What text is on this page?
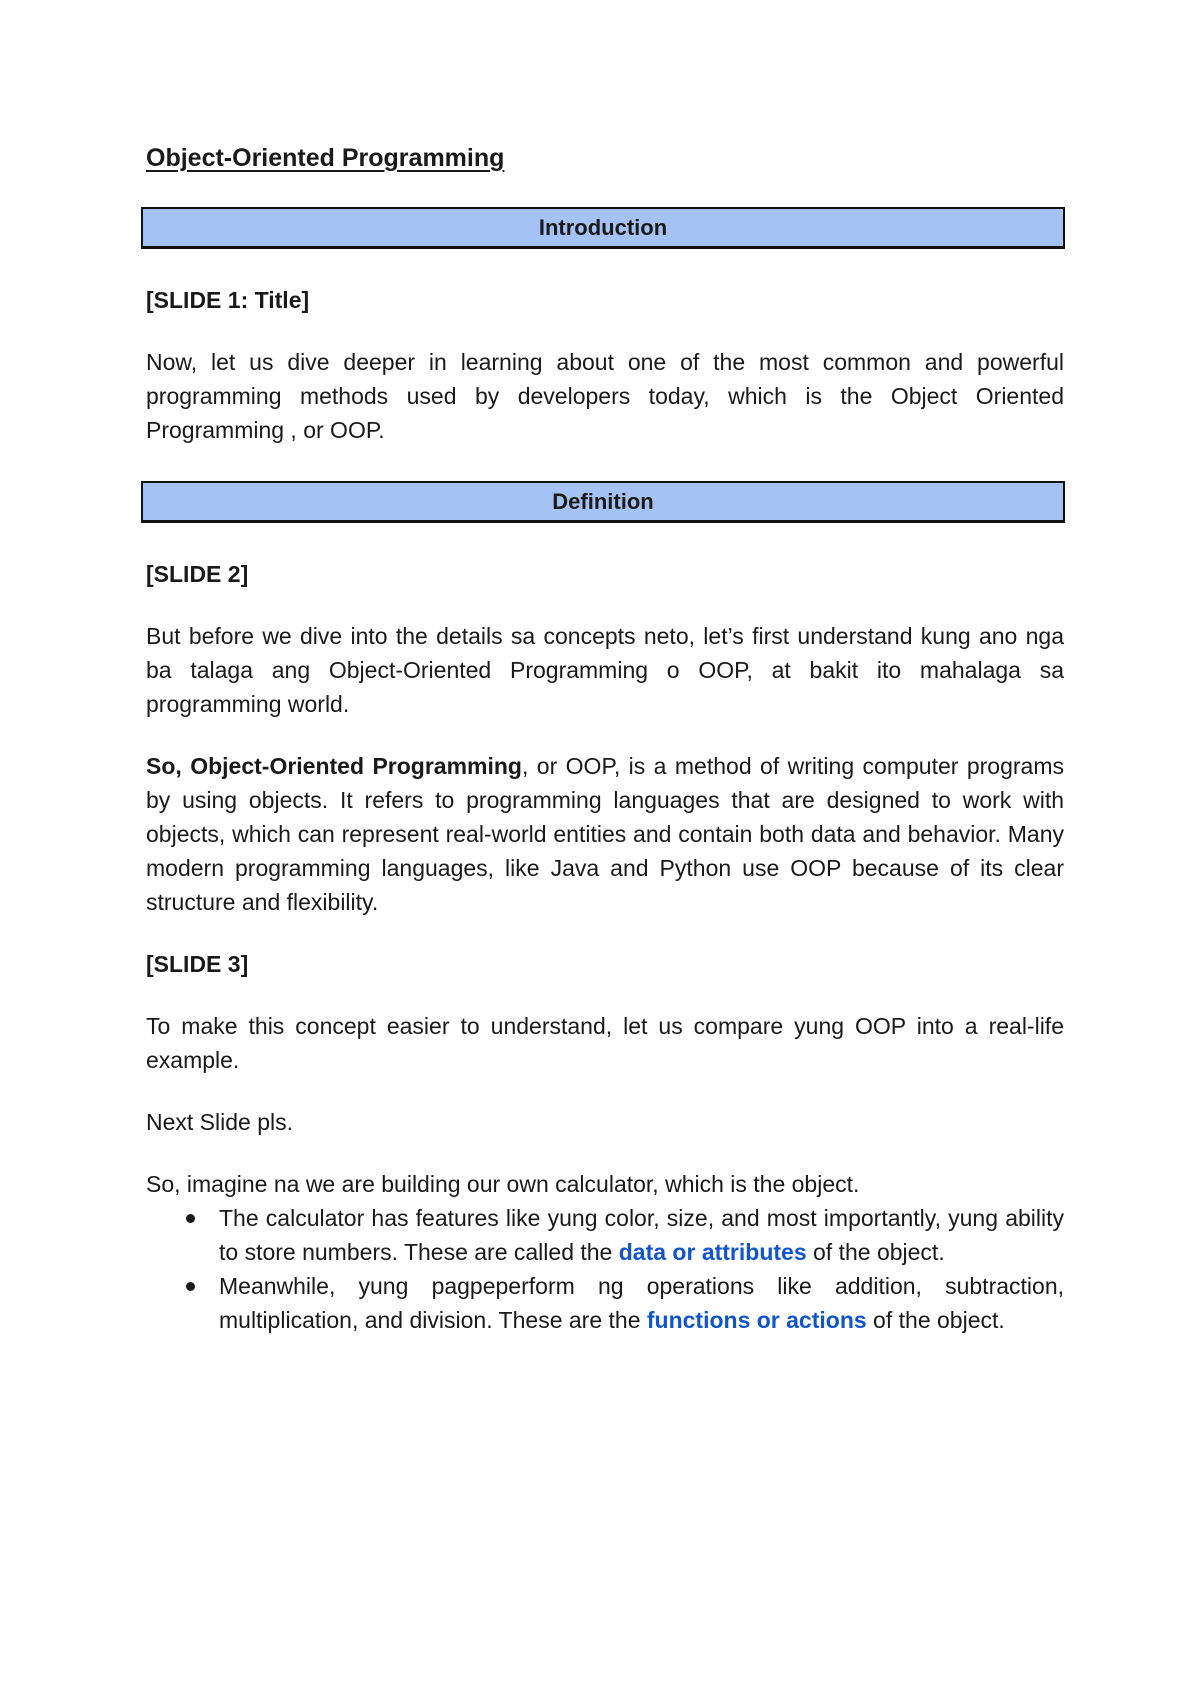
Object-Oriented Programming
Introduction

[SLIDE 1: Title]

Now, let us dive deeper in learning about one of the most common and powerful programming methods used by developers today, which is the Object Oriented Programming , or OOP.

Definition

[SLIDE 2]

But before we dive into the details sa concepts neto, let’s first understand kung ano nga ba talaga ang Object-Oriented Programming o OOP, at bakit ito mahalaga sa programming world.

So, Object-Oriented Programming, or OOP, is a method of writing computer programs by using objects. It refers to programming languages that are designed to work with objects, which can represent real-world entities and contain both data and behavior. Many modern programming languages, like Java and Python use OOP because of its clear structure and flexibility.

[SLIDE 3]

To make this concept easier to understand, let us compare yung OOP into a real-life example.

Next Slide pls.

So, imagine na we are building our own calculator, which is the object.

The calculator has features like yung color, size, and most importantly, yung ability to store numbers. These are called the data or attributes of the object.
Meanwhile, yung pagpeperform ng operations like addition, subtraction, multiplication, and division. These are the functions or actions of the object.
